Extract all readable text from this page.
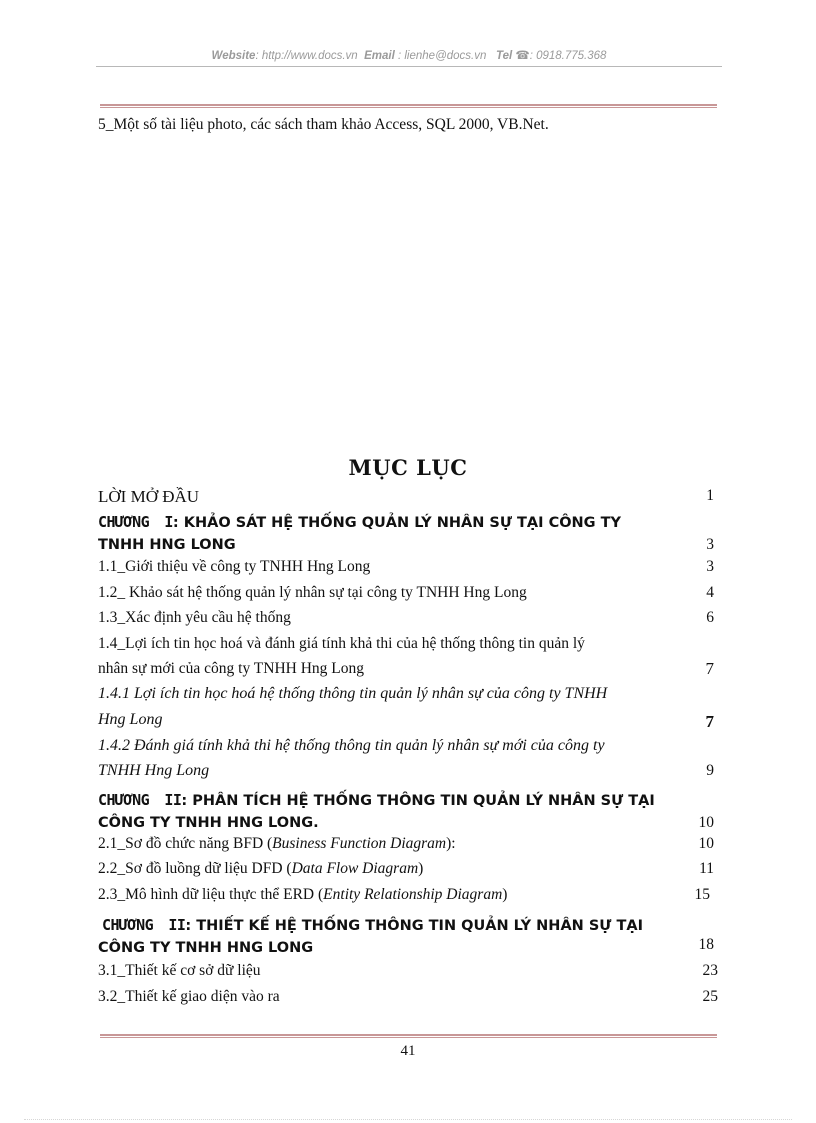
Website: http://www.docs.vn Email : lienhe@docs.vn Tel ☎: 0918.775.368
5_Một số tài liệu photo, các sách tham khảo Access, SQL 2000, VB.Net.
MỤC LỤC
LỜI MỞ ĐẦU	1
CHƯƠNG I: KHẢO SÁT HỆ THỐNG QUẢN LÝ NHÂN SỰ TẠI CÔNG TY
TNHH HNG LONG	3
1.1_Giới thiệu về công ty TNHH Hng Long	3
1.2_ Khảo sát hệ thống quản lý nhân sự tại công ty TNHH Hng Long	4
1.3_Xác định yêu cầu hệ thống	6
1.4_Lợi ích tin học hoá và đánh giá tính khả thi của hệ thống thông tin quản lý
nhân sự mới của công ty TNHH Hng Long	7
1.4.1 Lợi ích tin học hoá hệ thống thông tin quản lý nhân sự của công ty TNHH
Hng Long	7
1.4.2 Đánh giá tính khả thi hệ thống thông tin quản lý nhân sự mới của công ty
TNHH Hng Long	9
CHƯƠNG II: PHÂN TÍCH HỆ THỐNG THÔNG TIN QUẢN LÝ NHÂN SỰ TẠI
CÔNG TY TNHH HNG LONG.	10
2.1_Sơ đồ chức năng BFD (Business Function Diagram):	10
2.2_Sơ đồ luồng dữ liệu DFD (Data Flow Diagram)	11
2.3_Mô hình dữ liệu thực thể ERD (Entity Relationship Diagram)	15
CHƯƠNG II: THIẾT KẾ HỆ THỐNG THÔNG TIN QUẢN LÝ NHÂN SỰ TẠI
CÔNG TY TNHH HNG LONG	18
3.1_Thiết kế cơ sở dữ liệu	23
3.2_Thiết kế giao diện vào ra	25
41
